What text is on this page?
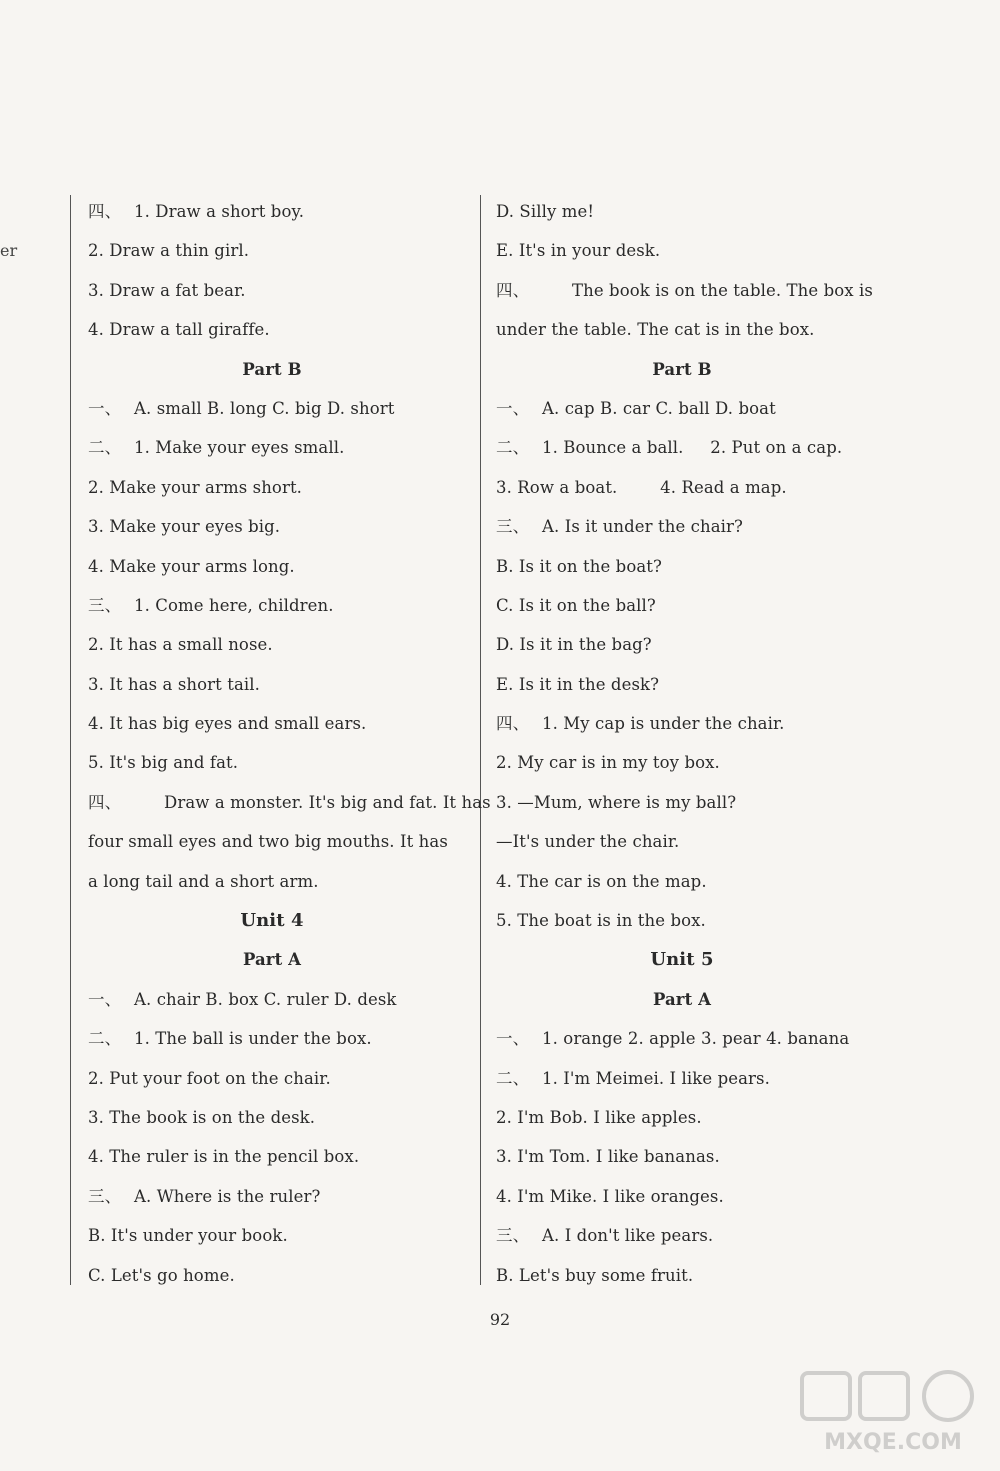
er
四、 1. Draw a short boy.
2. Draw a thin girl.
3. Draw a fat bear.
4. Draw a tall giraffe.
Part B
一、 A. small B. long C. big D. short
二、 1. Make your eyes small.
2. Make your arms short.
3. Make your eyes big.
4. Make your arms long.
三、 1. Come here, children.
2. It has a small nose.
3. It has a short tail.
4. It has big eyes and small ears.
5. It's big and fat.
四、	Draw a monster. It's big and fat. It has
four small eyes and two big mouths. It has
a long tail and a short arm.
Unit 4
Part A
一、 A. chair B. box C. ruler D. desk
二、 1. The ball is under the box.
2. Put your foot on the chair.
3. The book is on the desk.
4. The ruler is in the pencil box.
三、 A. Where is the ruler?
B. It's under your book.
C. Let's go home.
D. Silly me!
E. It's in your desk.
四、	The book is on the table. The box is
under the table. The cat is in the box.
Part B
一、 A. cap B. car C. ball D. boat
二、 1. Bounce a ball.     2. Put on a cap.
3. Row a boat.        4. Read a map.
三、 A. Is it under the chair?
B. Is it on the boat?
C. Is it on the ball?
D. Is it in the bag?
E. Is it in the desk?
四、 1. My cap is under the chair.
2. My car is in my toy box.
3. —Mum, where is my ball?
—It's under the chair.
4. The car is on the map.
5. The boat is in the box.
Unit 5
Part A
一、 1. orange 2. apple 3. pear 4. banana
二、 1. I'm Meimei. I like pears.
2. I'm Bob. I like apples.
3. I'm Tom. I like bananas.
4. I'm Mike. I like oranges.
三、 A. I don't like pears.
B. Let's buy some fruit.
92
MXQE.COM
